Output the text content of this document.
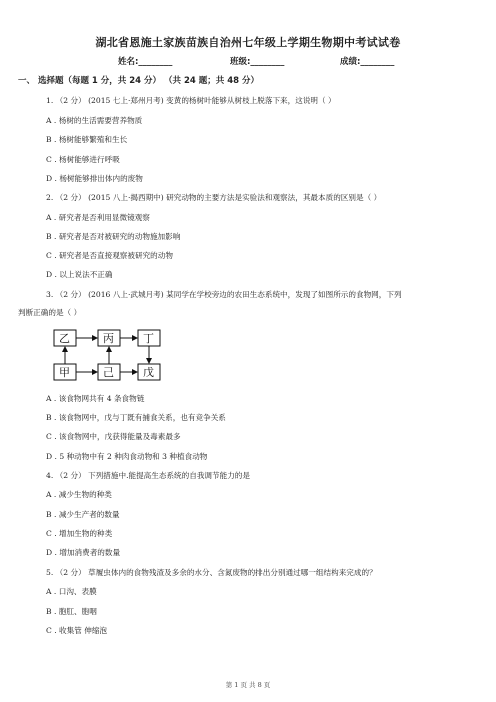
湖北省恩施土家族苗族自治州七年级上学期生物期中考试试卷
姓名:________	班级:________	成绩:________
一、 选择题（每题 1 分，共 24 分） （共 24 题；共 48 分）
1. （2 分） (2015 七上·郑州月考) 变黄的杨树叶能够从树枝上脱落下来，这说明（ ）
A . 杨树的生活需要营养物质
B . 杨树能够繁殖和生长
C . 杨树能够进行呼吸
D . 杨树能够排出体内的废物
2. （2 分） (2015 八上·揭西期中) 研究动物的主要方法是实验法和观察法，其最本质的区别是（ ）
A . 研究者是否利用显微镜观察
B . 研究者是否对被研究的动物施加影响
C . 研究者是否直接观察被研究的动物
D . 以上说法不正确
3. （2 分） (2016 八上·武城月考) 某同学在学校旁边的农田生态系统中，发现了如图所示的食物网，下列
判断正确的是（ ）
乙	丙	丁
甲	己	戊
A . 该食物网共有 4 条食物链
B . 该食物网中，戊与丁既有捕食关系，也有竞争关系
C . 该食物网中，戊获得能量及毒素最多
D . 5 种动物中有 2 种肉食动物和 3 种植食动物
4. （2 分） 下列措施中.能提高生态系统的自我调节能力的是
A . 减少生物的种类
B . 减少生产者的数量
C . 增加生物的种类
D . 增加消费者的数量
5. （2 分） 草履虫体内的食物残渣及多余的水分、含氮废物的排出分别通过哪一组结构来完成的？
A . 口沟、表膜
B . 胞肛、胞咽
C . 收集管 伸缩泡
第 1 页 共 8 页
